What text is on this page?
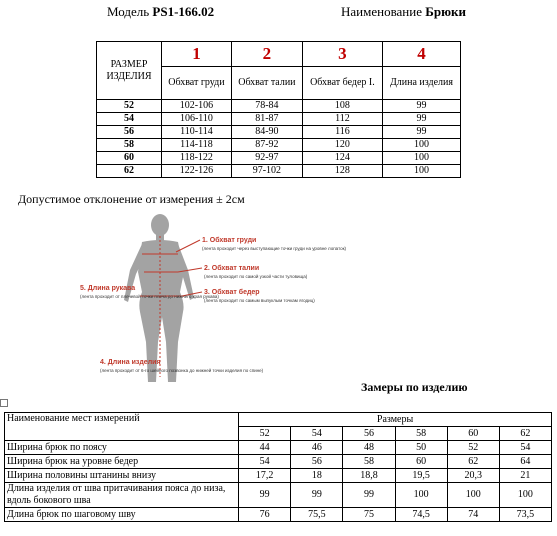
Модель PS1-166.02	Наименование Брюки
РАЗМЕР ИЗДЕЛИЯ	1	2	3	4
	Обхват груди	Обхват талии	Обхват бедер I.	Длина изделия
52	102-106	78-84	108	99
54	106-110	81-87	112	99
56	110-114	84-90	116	99
58	114-118	87-92	120	100
60	118-122	92-97	124	100
62	122-126	97-102	128	100
Допустимое отклонение от измерения ± 2см
1. Обхват груди
(лента проходит через выступающие точки груди на уровне лопаток)
2. Обхват талии
(лента проходит по самой узкой части туловища)
3. Обхват бедер
(лента проходит по самым выпуклым точкам ягодиц)
5. Длина рукава
(лента проходит от плечевой точки плеча до нижнего края рукава)
4. Длина изделия
(лента проходит от 6-го шейного позвонка до нижней точки изделия по спине)
Замеры по изделию
Наименование мест измерений	Размеры					
	52	54	56	58	60	62
Ширина брюк по поясу	44	46	48	50	52	54
Ширина брюк на уровне бедер	54	56	58	60	62	64
Ширина половины штанины внизу	17,2	18	18,8	19,5	20,3	21
Длина изделия от шва притачивания пояса до низа, вдоль бокового шва	99	99	99	100	100	100
Длина брюк по шаговому шву	76	75,5	75	74,5	74	73,5
